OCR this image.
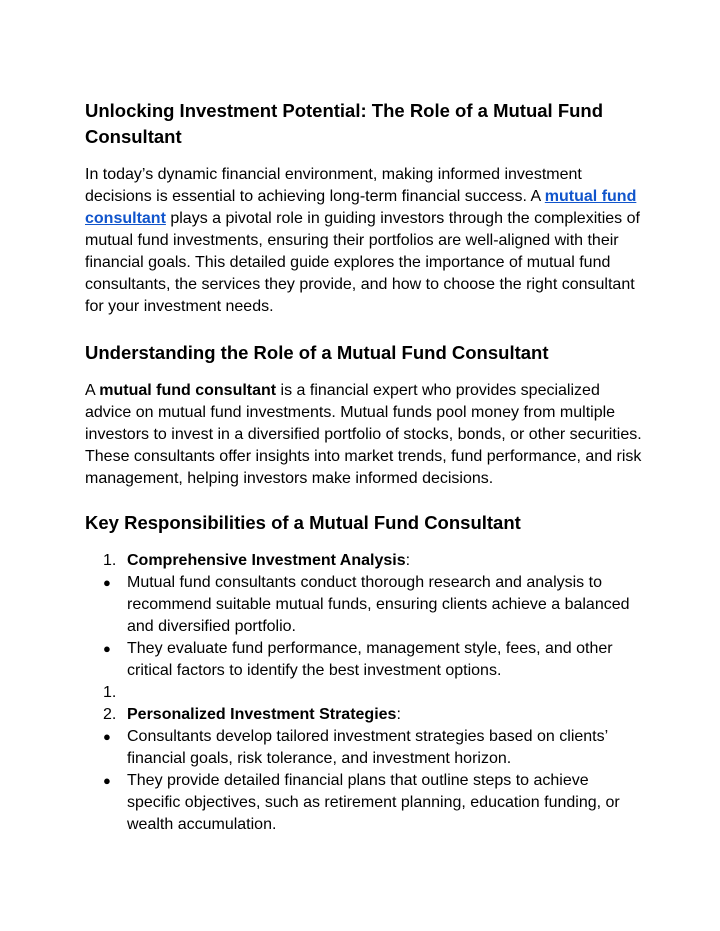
Unlocking Investment Potential: The Role of a Mutual Fund Consultant

In today’s dynamic financial environment, making informed investment decisions is essential to achieving long-term financial success. A mutual fund consultant plays a pivotal role in guiding investors through the complexities of mutual fund investments, ensuring their portfolios are well-aligned with their financial goals. This detailed guide explores the importance of mutual fund consultants, the services they provide, and how to choose the right consultant for your investment needs.

Understanding the Role of a Mutual Fund Consultant

A mutual fund consultant is a financial expert who provides specialized advice on mutual fund investments. Mutual funds pool money from multiple investors to invest in a diversified portfolio of stocks, bonds, or other securities. These consultants offer insights into market trends, fund performance, and risk management, helping investors make informed decisions.

Key Responsibilities of a Mutual Fund Consultant
1. Comprehensive Investment Analysis:
●	Mutual fund consultants conduct thorough research and analysis to recommend suitable mutual funds, ensuring clients achieve a balanced and diversified portfolio.
●	They evaluate fund performance, management style, fees, and other critical factors to identify the best investment options.
1.
2. Personalized Investment Strategies:
●	Consultants develop tailored investment strategies based on clients’ financial goals, risk tolerance, and investment horizon.
●	They provide detailed financial plans that outline steps to achieve specific objectives, such as retirement planning, education funding, or wealth accumulation.
